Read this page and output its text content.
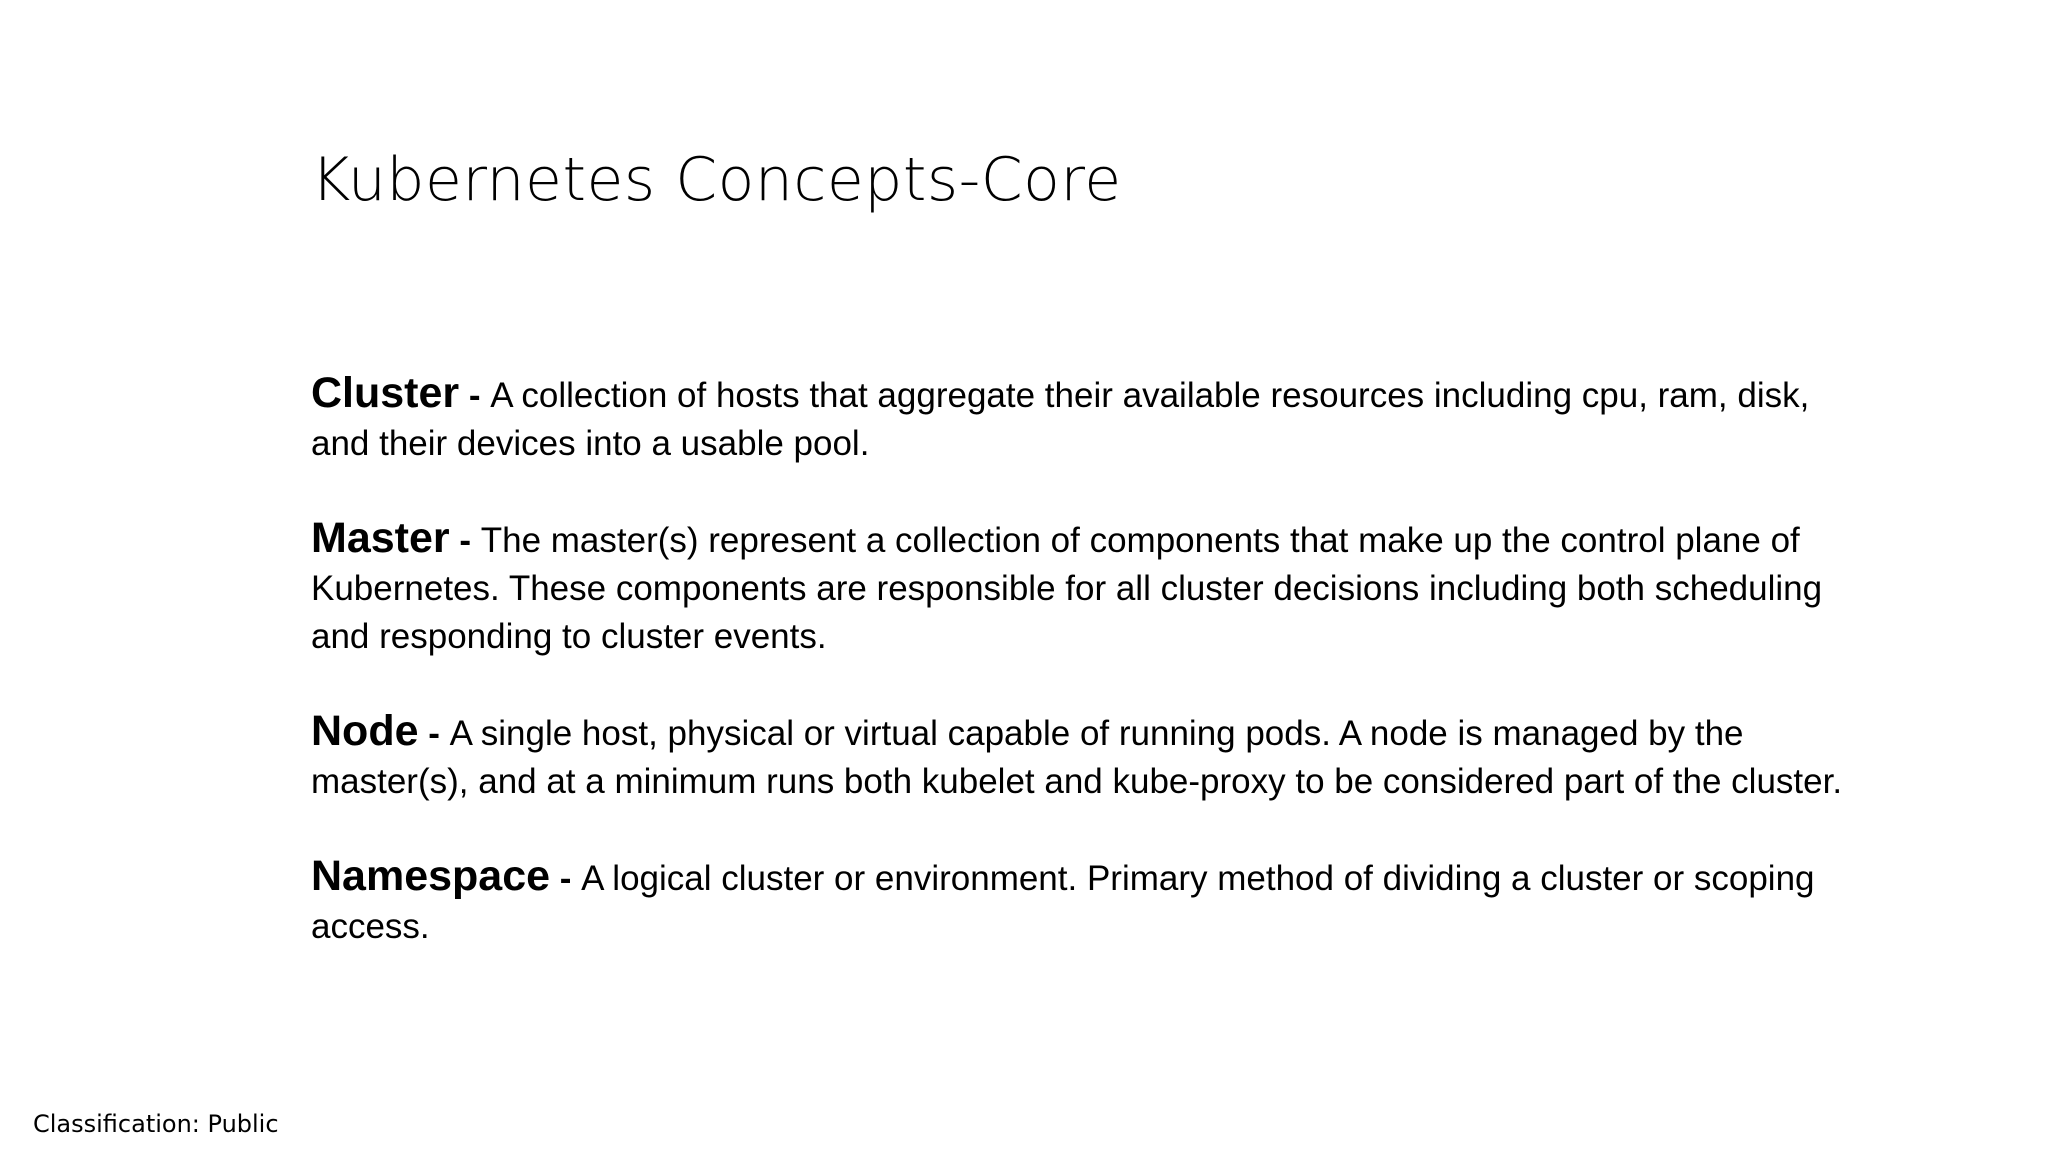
Kubernetes Concepts-Core

Cluster - A collection of hosts that aggregate their available resources including cpu, ram, disk, and their devices into a usable pool.

Master - The master(s) represent a collection of components that make up the control plane of Kubernetes. These components are responsible for all cluster decisions including both scheduling and responding to cluster events.

Node - A single host, physical or virtual capable of running pods. A node is managed by the master(s), and at a minimum runs both kubelet and kube-proxy to be considered part of the cluster.

Namespace - A logical cluster or environment. Primary method of dividing a cluster or scoping access.

Classification: Public
